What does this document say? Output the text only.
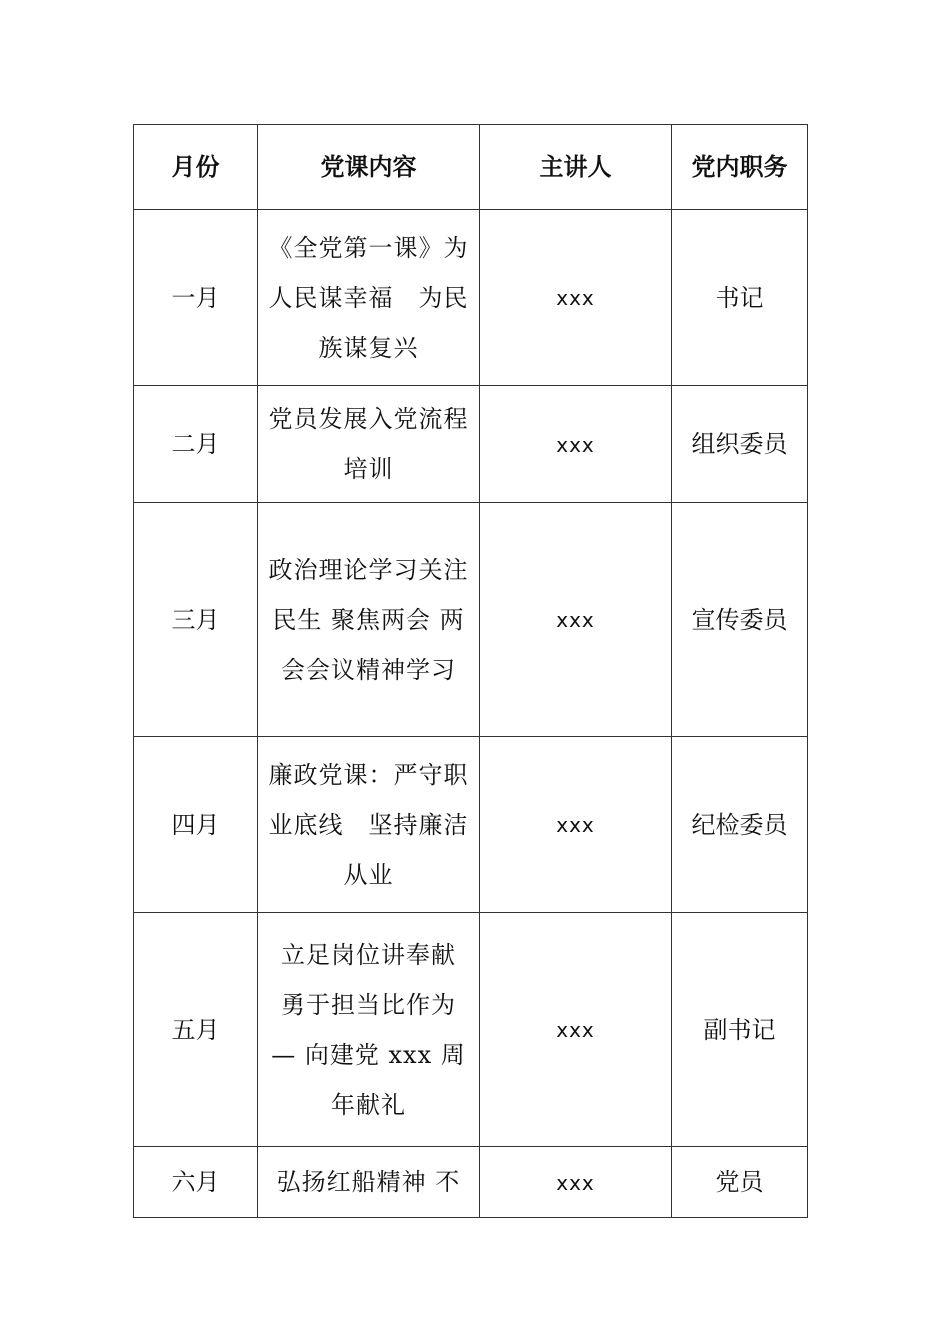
月份	党课内容	主讲人	党内职务
一月	《全党第一课》为人民谋幸福　为民族谋复兴	xxx	书记
二月	党员发展入党流程培训	xxx	组织委员
三月	政治理论学习关注民生 聚焦两会 两会会议精神学习	xxx	宣传委员
四月	廉政党课：严守职业底线　坚持廉洁从业	xxx	纪检委员
五月	立足岗位讲奉献 勇于担当比作为 — 向建党 xxx 周年献礼	xxx	副书记
六月	弘扬红船精神 不	xxx	党员
